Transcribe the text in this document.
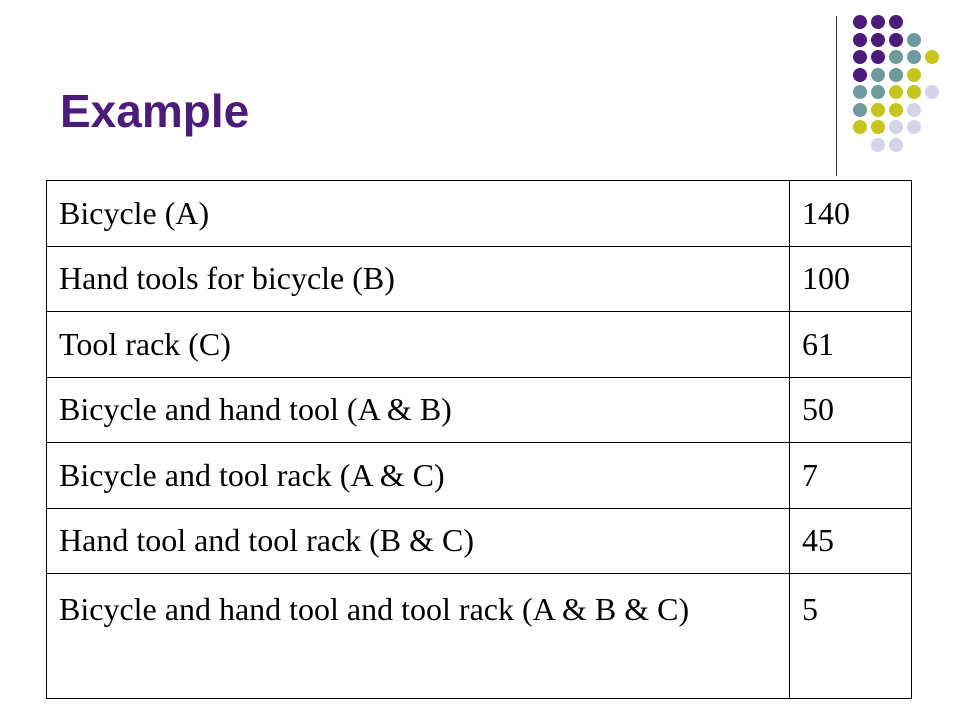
Example
Bicycle (A)	140
Hand tools for bicycle (B)	100
Tool rack (C)	61
Bicycle and hand tool (A & B)	50
Bicycle and tool rack (A & C)	7
Hand tool and tool rack (B & C)	45
Bicycle and hand tool and tool rack (A & B & C)	5
